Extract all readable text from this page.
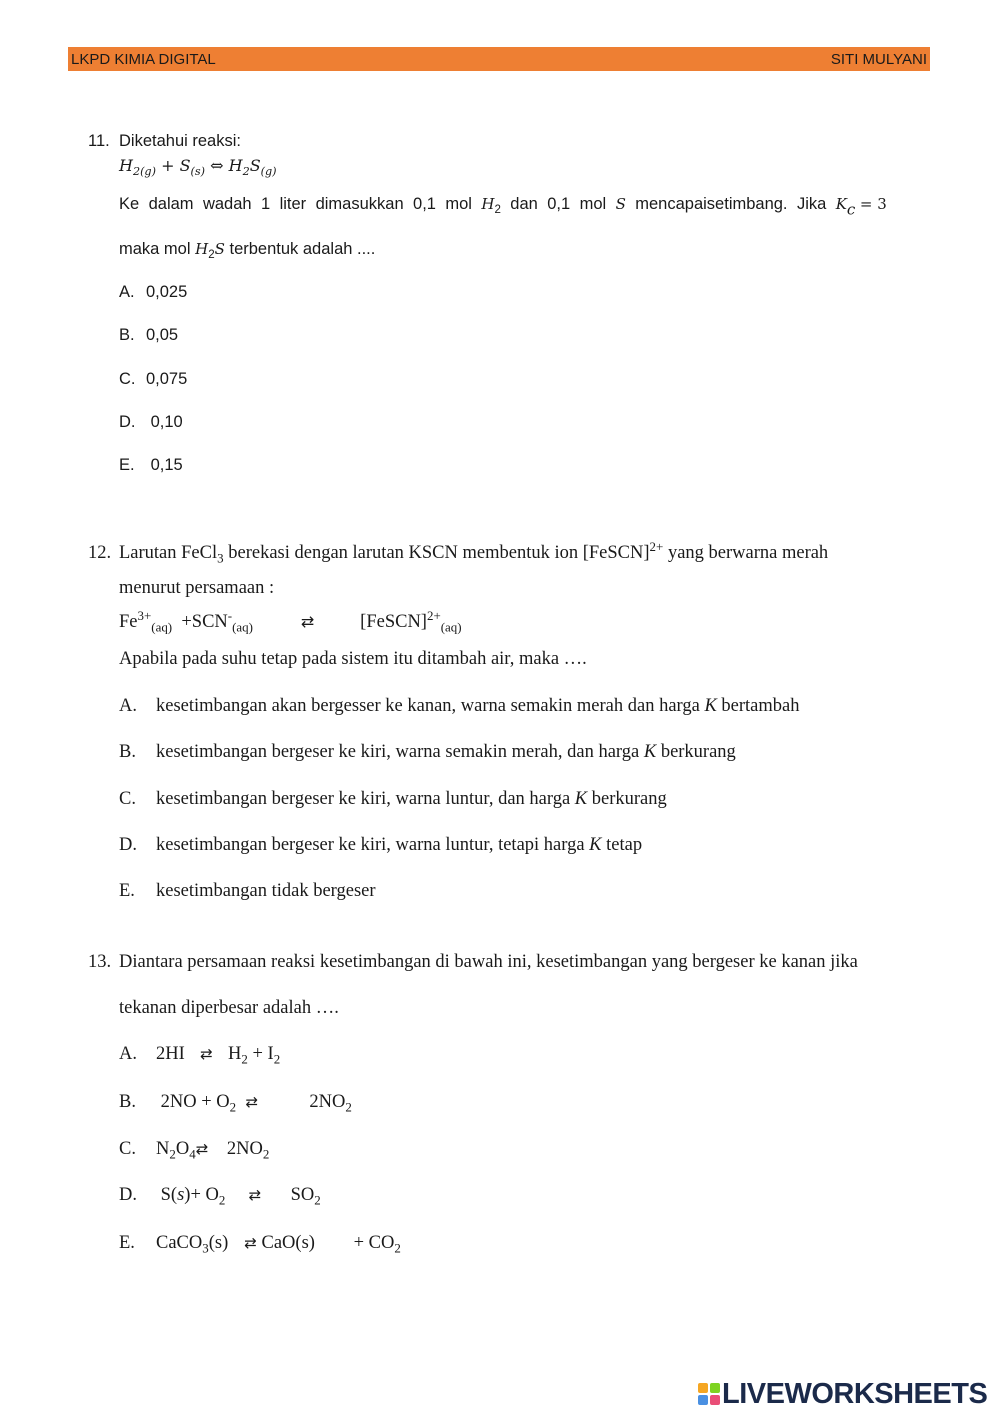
LKPD KIMIA DIGITAL	SITI MULYANI
11. Diketahui reaksi:
$H_{2(g)} + S_{(s)}$ ⇔ $H_2S_{(g)}$
Ke dalam wadah 1 liter dimasukkan 0,1 mol $H_2$ dan 0,1 mol S mencapaisetimbang. Jika $K_c = 3$
maka mol $H_2S$ terbentuk adalah ....
A. 0,025
B. 0,05
C. 0,075
D. 0,10
E. 0,15
12. Larutan FeCl$_3$ berekasi dengan larutan KSCN membentuk ion [FeSCN]$^{2+}$ yang berwarna merah
menurut persamaan :
$Fe^{3+}_{(aq)} +SCN^-_{(aq)}$	⇄ [FeSCN]$^{2+}_{(aq)}$
Apabila pada suhu tetap pada sistem itu ditambah air, maka ….
A. kesetimbangan akan bergesser ke kanan, warna semakin merah dan harga K bertambah
B. kesetimbangan bergeser ke kiri, warna semakin merah, dan harga K berkurang
C. kesetimbangan bergeser ke kiri, warna luntur, dan harga K berkurang
D. kesetimbangan bergeser ke kiri, warna luntur, tetapi harga K tetap
E. kesetimbangan tidak bergeser
13. Diantara persamaan reaksi kesetimbangan di bawah ini, kesetimbangan yang bergeser ke kanan jika
tekanan diperbesar adalah ….
A. 2HI ⇄ $H_2 + I_2$
B. $2NO + O_2$ ⇄	$2NO_2$
C. $N_2O_4⇄$ $2NO_2$
D. $S(s)+ O_2$ ⇄ $SO_2$
E. CaCO$_3$(s) ⇄ $CaO(s) + CO_2$
LIVEWORKSHEETS
